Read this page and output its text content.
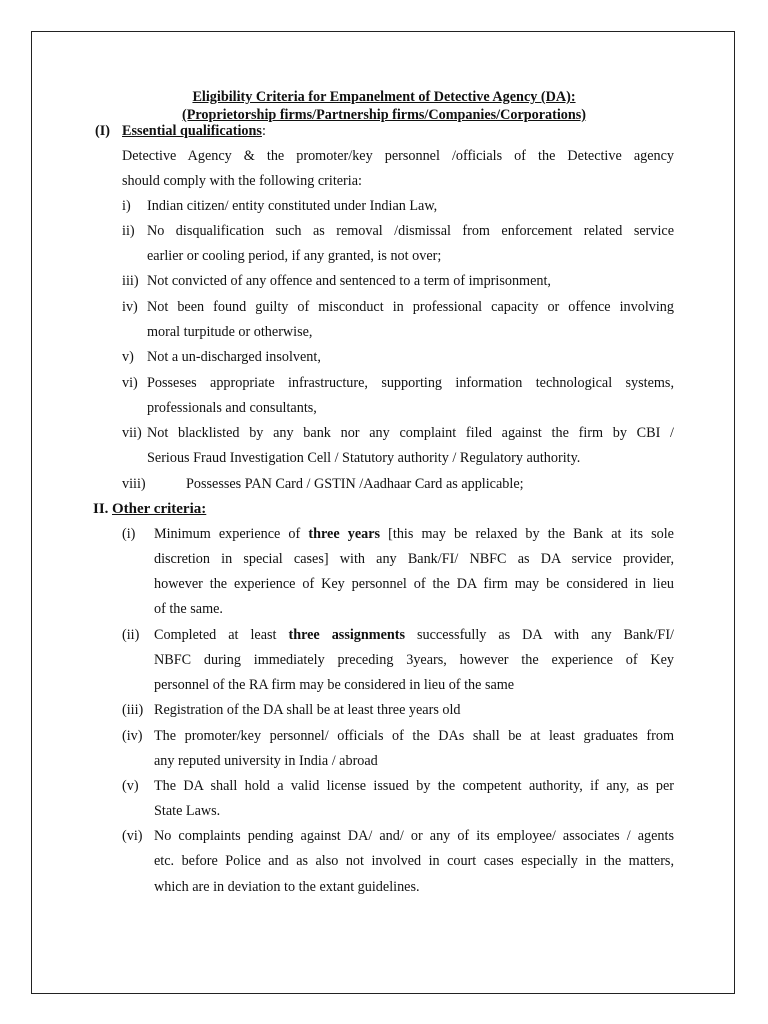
Eligibility Criteria for Empanelment of Detective Agency (DA):
(Proprietorship firms/Partnership firms/Companies/Corporations)
(I) Essential qualifications:
Detective Agency & the promoter/key personnel /officials of the Detective agency
should comply with the following criteria:
i) Indian citizen/ entity constituted under Indian Law,
ii) No disqualification such as removal /dismissal from enforcement related service
earlier or cooling period, if any granted, is not over;
iii) Not convicted of any offence and sentenced to a term of imprisonment,
iv) Not been found guilty of misconduct in professional capacity or offence involving
moral turpitude or otherwise,
v) Not a un-discharged insolvent,
vi) Posseses appropriate infrastructure, supporting information technological systems,
professionals and consultants,
vii) Not blacklisted by any bank nor any complaint filed against the firm by CBI /
Serious Fraud Investigation Cell / Statutory authority / Regulatory authority.
viii)	Possesses PAN Card / GSTIN /Aadhaar Card as applicable;
II. Other criteria:
(i) Minimum experience of three years [this may be relaxed by the Bank at its sole
discretion in special cases] with any Bank/FI/ NBFC as DA service provider,
however the experience of Key personnel of the DA firm may be considered in lieu
of the same.
(ii) Completed at least three assignments successfully as DA with any Bank/FI/
NBFC during immediately preceding 3years, however the experience of Key
personnel of the RA firm may be considered in lieu of the same
(iii) Registration of the DA shall be at least three years old
(iv) The promoter/key personnel/ officials of the DAs shall be at least graduates from
any reputed university in India / abroad
(v) The DA shall hold a valid license issued by the competent authority, if any, as per
State Laws.
(vi) No complaints pending against DA/ and/ or any of its employee/ associates / agents
etc. before Police and as also not involved in court cases especially in the matters,
which are in deviation to the extant guidelines.
